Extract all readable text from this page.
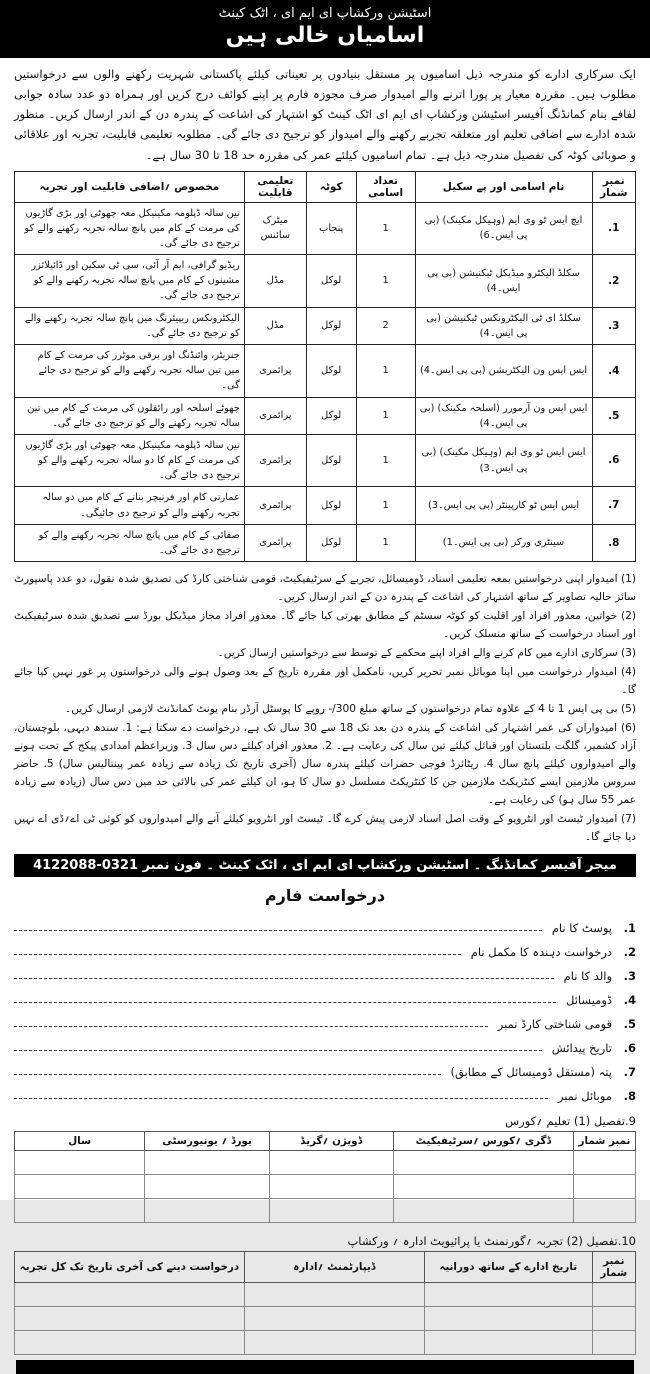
اسٹیشن ورکشاپ ای ایم ای ، اٹک کینٹ
اسامیاں خالی ہیں
ایک سرکاری ادارے کو مندرجہ ذیل اسامیوں پر مستقل بنیادوں پر تعیناتی کیلئے پاکستانی شہریت رکھنے والوں سے درخواستیں مطلوب ہیں۔ مقررہ معیار پر پورا اترنے والے امیدوار صرف مجوزہ فارم پر اپنے کوائف درج کریں اور ہمراہ دو عدد سادہ جوابی لفافے بنام کمانڈنگ آفیسر اسٹیشن ورکشاپ ای ایم ای اٹک کینٹ کو اشتہار کی اشاعت کے پندرہ دن کے اندر ارسال کریں۔ منظور شدہ ادارے سے اضافی تعلیم اور متعلقہ تجربے رکھنے والے امیدوار کو ترجیح دی جائے گی۔ مطلوبہ تعلیمی قابلیت، تجربہ اور علاقائی و صوبائی کوٹہ کی تفصیل مندرجہ ذیل ہے۔ تمام اسامیوں کیلئے عمر کی مقررہ حد 18 تا 30 سال ہے۔
نمبر شمار	نام اسامی اور پے سکیل	تعداد اسامی	کوٹہ	تعلیمی قابلیت	مخصوص ؍اضافی قابلیت اور تجربہ
1.	ایچ ایس ٹو وی ایم (وہیکل مکینک) (بی پی ایس۔6)	1	پنجاب	میٹرک سائنس	تین سالہ ڈپلومہ مکینیکل معہ چھوٹی اور بڑی گاڑیوں کی مرمت کے کام میں پانچ سالہ تجربہ رکھنے والے کو ترجیح دی جائے گی۔
2.	سکلڈ الیکٹرو میڈیکل ٹیکنیشن (بی پی ایس۔4)	1	لوکل	مڈل	ریڈیو گرافی، ایم آر آئی، سی ٹی سکین اور ڈائیلائزر مشینوں کے کام میں پانچ سالہ تجربہ رکھنے والے کو ترجیح دی جائے گی۔
3.	سکلڈ ای ٹی الیکٹرونکس ٹیکنیشن (بی پی ایس۔4)	2	لوکل	مڈل	الیکٹرونکس ریپیئرنگ میں پانچ سالہ تجربہ رکھنے والے کو ترجیح دی جائے گی۔
4.	ایس ایس ون الیکٹریشن (بی پی ایس۔4)	1	لوکل	پرائمری	جنریٹر، وائنڈنگ اور برقی موٹرز کی مرمت کے کام میں تین سالہ تجربہ رکھنے والے کو ترجیح دی جائے گی۔
5.	ایس ایس ون آرمورر (اسلحہ مکینک) (بی پی ایس۔4)	1	لوکل	پرائمری	چھوٹے اسلحہ اور رائفلوں کی مرمت کے کام میں تین سالہ تجربہ رکھنے والے کو ترجیح دی جائے گی۔
6.	ایس ایس ٹو وی ایم (وہیکل مکینک) (بی پی ایس۔3)	1	لوکل	پرائمری	تین سالہ ڈپلومہ مکینیکل معہ چھوٹی اور بڑی گاڑیوں کی مرمت کے کام کا دو سالہ تجربہ رکھنے والے کو ترجیح دی جائے گی۔
7.	ایس ایس ٹو کارپینٹر (بی پی ایس۔3)	1	لوکل	پرائمری	عمارتی کام اور فرنیچر بنانے کے کام میں دو سالہ تجربہ رکھنے والے کو ترجیح دی جائیگی۔
8.	سینٹری ورکر (بی پی ایس۔1)	1	لوکل	پرائمری	صفائی کے کام میں پانچ سالہ تجربہ رکھنے والے کو ترجیح دی جائے گی۔

(1) امیدوار اپنی درخواستیں بمعہ تعلیمی اسناد، ڈومیسائل، تجربے کے سرٹیفیکیٹ، قومی شناختی کارڈ کی تصدیق شدہ نقول، دو عدد پاسپورٹ سائز حالیہ تصاویر کے ساتھ اشتہار کی اشاعت کے پندرہ دن کے اندر ارسال کریں۔

(2) خواتین، معذور افراد اور اقلیت کو کوٹہ سسٹم کے مطابق بھرتی کیا جائے گا۔ معذور افراد مجاز میڈیکل بورڈ سے تصدیق شدہ سرٹیفیکیٹ اور اسناد درخواست کے ساتھ منسلک کریں۔

(3) سرکاری ادارے میں کام کرنے والے افراد اپنے محکمے کے توسط سے درخواستیں ارسال کریں۔

(4) امیدوار درخواست میں اپنا موبائل نمبر تحریر کریں، نامکمل اور مقررہ تاریخ کے بعد وصول ہونے والی درخواستوں پر غور نہیں کیا جائے گا۔

(5) بی پی ایس 1 تا 4 کے علاوہ تمام درخواستوں کے ساتھ مبلغ 300/- روپے کا پوسٹل آرڈر بنام یونٹ کمانڈنٹ لازمی ارسال کریں۔

(6) امیدواران کی عمر اشتہار کی اشاعت کے پندرہ دن بعد تک 18 سے 30 سال تک ہے، درخواست دے سکتا ہے: 1. سندھ دیہی، بلوچستان، آزاد کشمیر، گلگت بلتستان اور قبائل کیلئے تین سال کی رعایت ہے۔ 2. معذور افراد کیلئے دس سال 3. وزیراعظم امدادی پیکج کے تحت ہونے والے امیدواروں کیلئے پانچ سال 4. ریٹائرڈ فوجی حضرات کیلئے پندرہ سال (آخری تاریخ تک زیادہ سے زیادہ عمر پینتالیس سال) 5. حاضر سروس ملازمین ایسے کنٹریکٹ ملازمین جن کا کنٹریکٹ مسلسل دو سال کا ہو، ان کیلئے عمر کی بالائی حد میں دس سال (زیادہ سے زیادہ عمر 55 سال ہو) کی رعایت ہے۔

(7) امیدوار ٹیسٹ اور انٹرویو کے وقت اصل اسناد لازمی پیش کرے گا۔ ٹیسٹ اور انٹرویو کیلئے آنے والے امیدواروں کو کوئی ٹی اے؍ڈی اے نہیں دیا جائے گا۔

میجر آفیسر کمانڈنگ ۔ اسٹیشن ورکشاپ ای ایم ای ، اٹک کینٹ ۔ فون نمبر 0321-4122088
درخواست فارم
1.
پوسٹ کا نام
2.
درخواست دہندہ کا مکمل نام
3.
والد کا نام
4.
ڈومیسائل
5.
قومی شناختی کارڈ نمبر
6.
تاریخ پیدائش
7.
پتہ (مستقل ڈومیسائل کے مطابق)
8.
موبائل نمبر
9.
تفصیل (1) تعلیم ؍کورس
نمبر شمار	ڈگری ؍کورس ؍سرٹیفیکیٹ	ڈویژن ؍گریڈ	بورڈ ؍ یونیورسٹی	سال

10.
تفصیل (2) تجربہ ؍گورنمنٹ یا پرائیویٹ ادارہ ؍ ورکشاپ
نمبر شمار	تاریخ ادارے کے ساتھ دورانیہ	ڈیپارٹمنٹ ؍ادارہ	درخواست دینے کی آخری تاریخ تک کل تجربہ
